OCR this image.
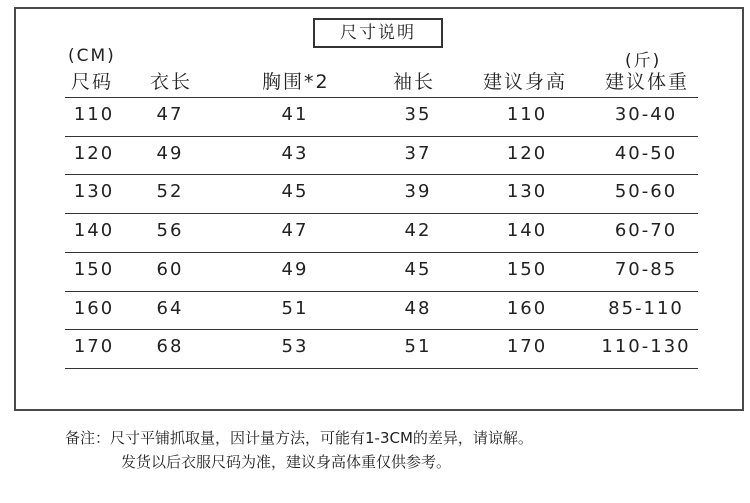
尺寸说明
(CM)	(斤)
尺码 衣长	胸围*2	袖长	建议身高 建议体重
110 47	41	35	110	30-40
120 49	43	37	120	40-50
130 52	45	39	130	50-60
140 56	47	42	140	60-70
150 60	49	45	150	70-85
160 64	51	48	160	85-110
170 68	53	51	170	110-130
备注：尺寸平铺抓取量，因计量方法，可能有1-3CM的差异，请谅解。
发货以后衣服尺码为准，建议身高体重仅供参考。
